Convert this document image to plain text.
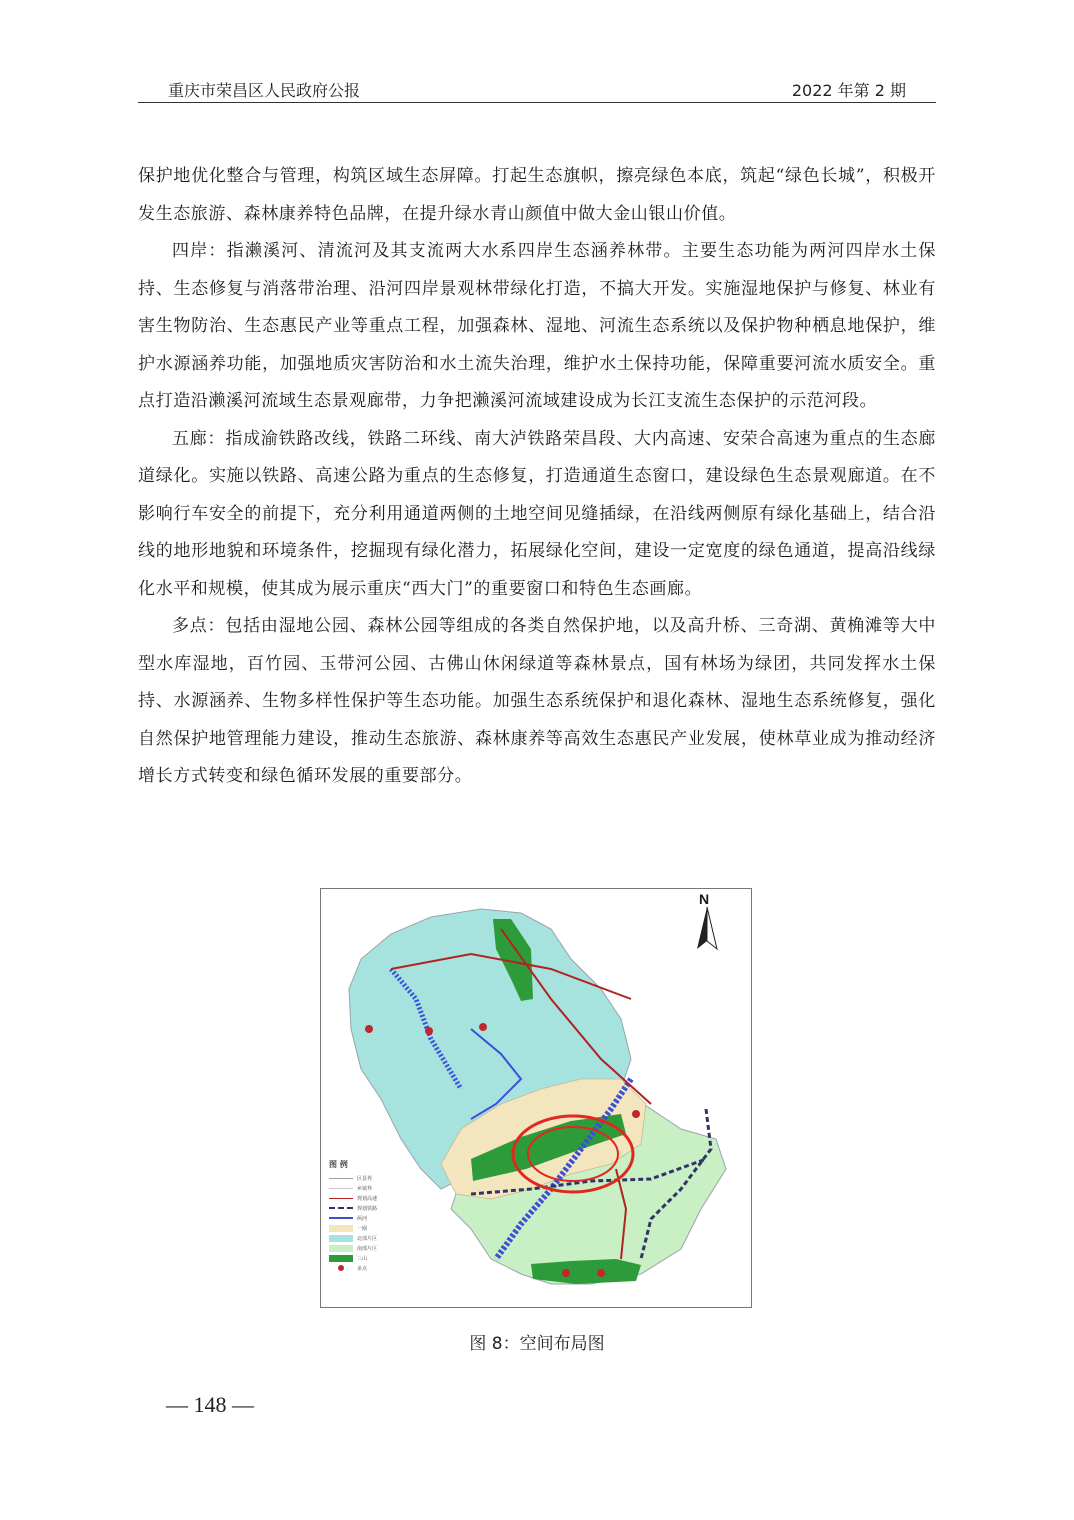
重庆市荣昌区人民政府公报	2022 年第 2 期

保护地优化整合与管理，构筑区域生态屏障。打起生态旗帜，擦亮绿色本底，筑起“绿色长城”，积极开发生态旅游、森林康养特色品牌，在提升绿水青山颜值中做大金山银山价值。

四岸：指濑溪河、清流河及其支流两大水系四岸生态涵养林带。主要生态功能为两河四岸水土保持、生态修复与消落带治理、沿河四岸景观林带绿化打造，不搞大开发。实施湿地保护与修复、林业有害生物防治、生态惠民产业等重点工程，加强森林、湿地、河流生态系统以及保护物种栖息地保护，维护水源涵养功能，加强地质灾害防治和水土流失治理，维护水土保持功能，保障重要河流水质安全。重点打造沿濑溪河流域生态景观廊带，力争把濑溪河流域建设成为长江支流生态保护的示范河段。

五廊：指成渝铁路改线，铁路二环线、南大泸铁路荣昌段、大内高速、安荣合高速为重点的生态廊道绿化。实施以铁路、高速公路为重点的生态修复，打造通道生态窗口，建设绿色生态景观廊道。在不影响行车安全的前提下，充分利用通道两侧的土地空间见缝插绿，在沿线两侧原有绿化基础上，结合沿线的地形地貌和环境条件，挖掘现有绿化潜力，拓展绿化空间，建设一定宽度的绿色通道，提高沿线绿化水平和规模，使其成为展示重庆“西大门”的重要窗口和特色生态画廊。

多点：包括由湿地公园、森林公园等组成的各类自然保护地，以及高升桥、三奇湖、黄桷滩等大中型水库湿地，百竹园、玉带河公园、古佛山休闲绿道等森林景点，国有林场为绿团，共同发挥水土保持、水源涵养、生物多样性保护等生态功能。加强生态系统保护和退化森林、湿地生态系统修复，强化自然保护地管理能力建设，推动生态旅游、森林康养等高效生态惠民产业发展，使林草业成为推动经济增长方式转变和绿色循环发展的重要部分。

N
图 例
区县界
乡镇界
规划高速
规划铁路
两河
一圈
北部片区
南部片区
三山
多点
图 8：空间布局图
— 148 —
